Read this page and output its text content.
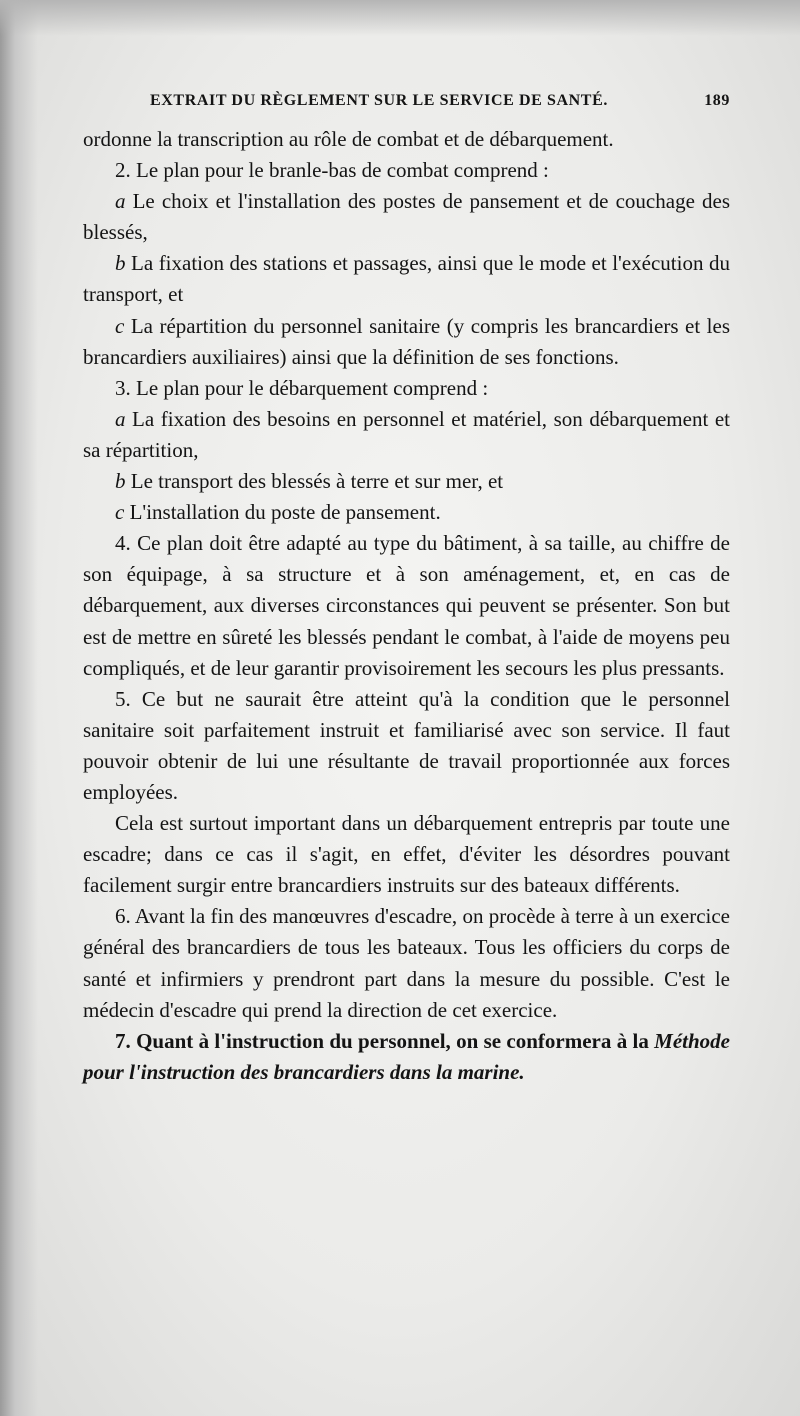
EXTRAIT DU RÈGLEMENT SUR LE SERVICE DE SANTÉ.	189

ordonne la transcription au rôle de combat et de débarquement.

2. Le plan pour le branle-bas de combat comprend :

a Le choix et l'installation des postes de pansement et de couchage des blessés,

b La fixation des stations et passages, ainsi que le mode et l'exécution du transport, et

c La répartition du personnel sanitaire (y compris les brancardiers et les brancardiers auxiliaires) ainsi que la définition de ses fonctions.

3. Le plan pour le débarquement comprend :

a La fixation des besoins en personnel et matériel, son débarquement et sa répartition,

b Le transport des blessés à terre et sur mer, et

c L'installation du poste de pansement.

4. Ce plan doit être adapté au type du bâtiment, à sa taille, au chiffre de son équipage, à sa structure et à son aménagement, et, en cas de débarquement, aux diverses circonstances qui peuvent se présenter. Son but est de mettre en sûreté les blessés pendant le combat, à l'aide de moyens peu compliqués, et de leur garantir provisoirement les secours les plus pressants.

5. Ce but ne saurait être atteint qu'à la condition que le personnel sanitaire soit parfaitement instruit et familiarisé avec son service. Il faut pouvoir obtenir de lui une résultante de travail proportionnée aux forces employées.

Cela est surtout important dans un débarquement entrepris par toute une escadre; dans ce cas il s'agit, en effet, d'éviter les désordres pouvant facilement surgir entre brancardiers instruits sur des bateaux différents.

6. Avant la fin des manœuvres d'escadre, on procède à terre à un exercice général des brancardiers de tous les bateaux. Tous les officiers du corps de santé et infirmiers y prendront part dans la mesure du possible. C'est le médecin d'escadre qui prend la direction de cet exercice.

7. Quant à l'instruction du personnel, on se conformera à la Méthode pour l'instruction des brancardiers dans la marine.
